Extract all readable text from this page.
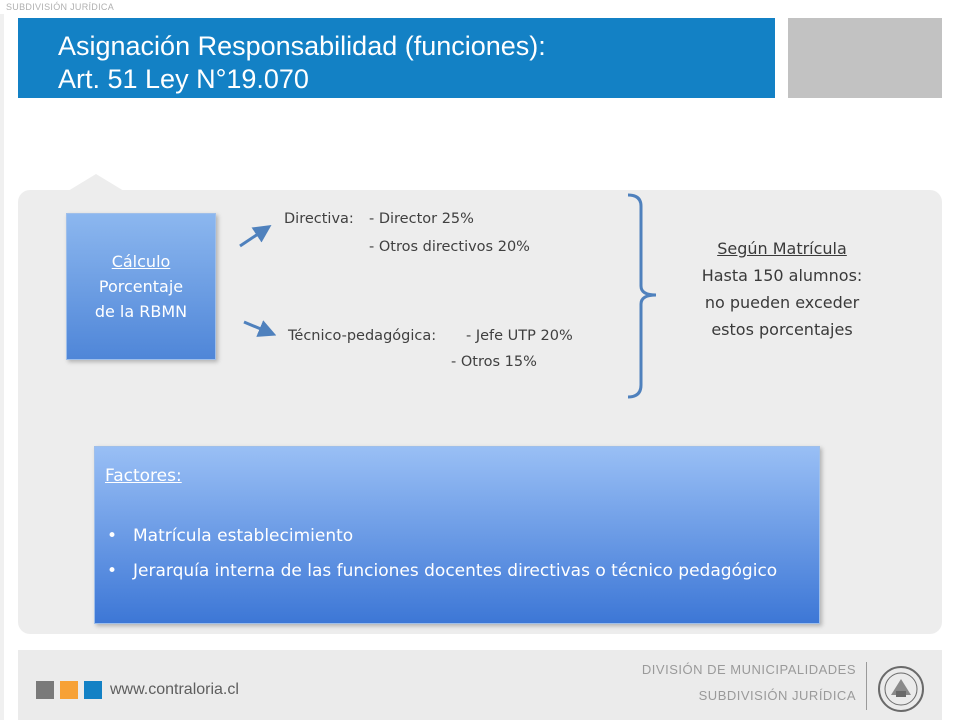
SUBDIVISIÓN JURÍDICA
Asignación Responsabilidad (funciones):
Art. 51 Ley N°19.070
Cálculo
Porcentaje
de la RBMN
Directiva: - Director 25%
- Otros directivos 20%
Técnico-pedagógica: - Jefe UTP 20%
- Otros 15%
Según Matrícula
Hasta 150 alumnos:
no pueden exceder
estos porcentajes
Factores:
• Matrícula establecimiento
• Jerarquía interna de las funciones docentes directivas o técnico pedagógico
www.contraloria.cl
DIVISIÓN DE MUNICIPALIDADES
SUBDIVISIÓN JURÍDICA
